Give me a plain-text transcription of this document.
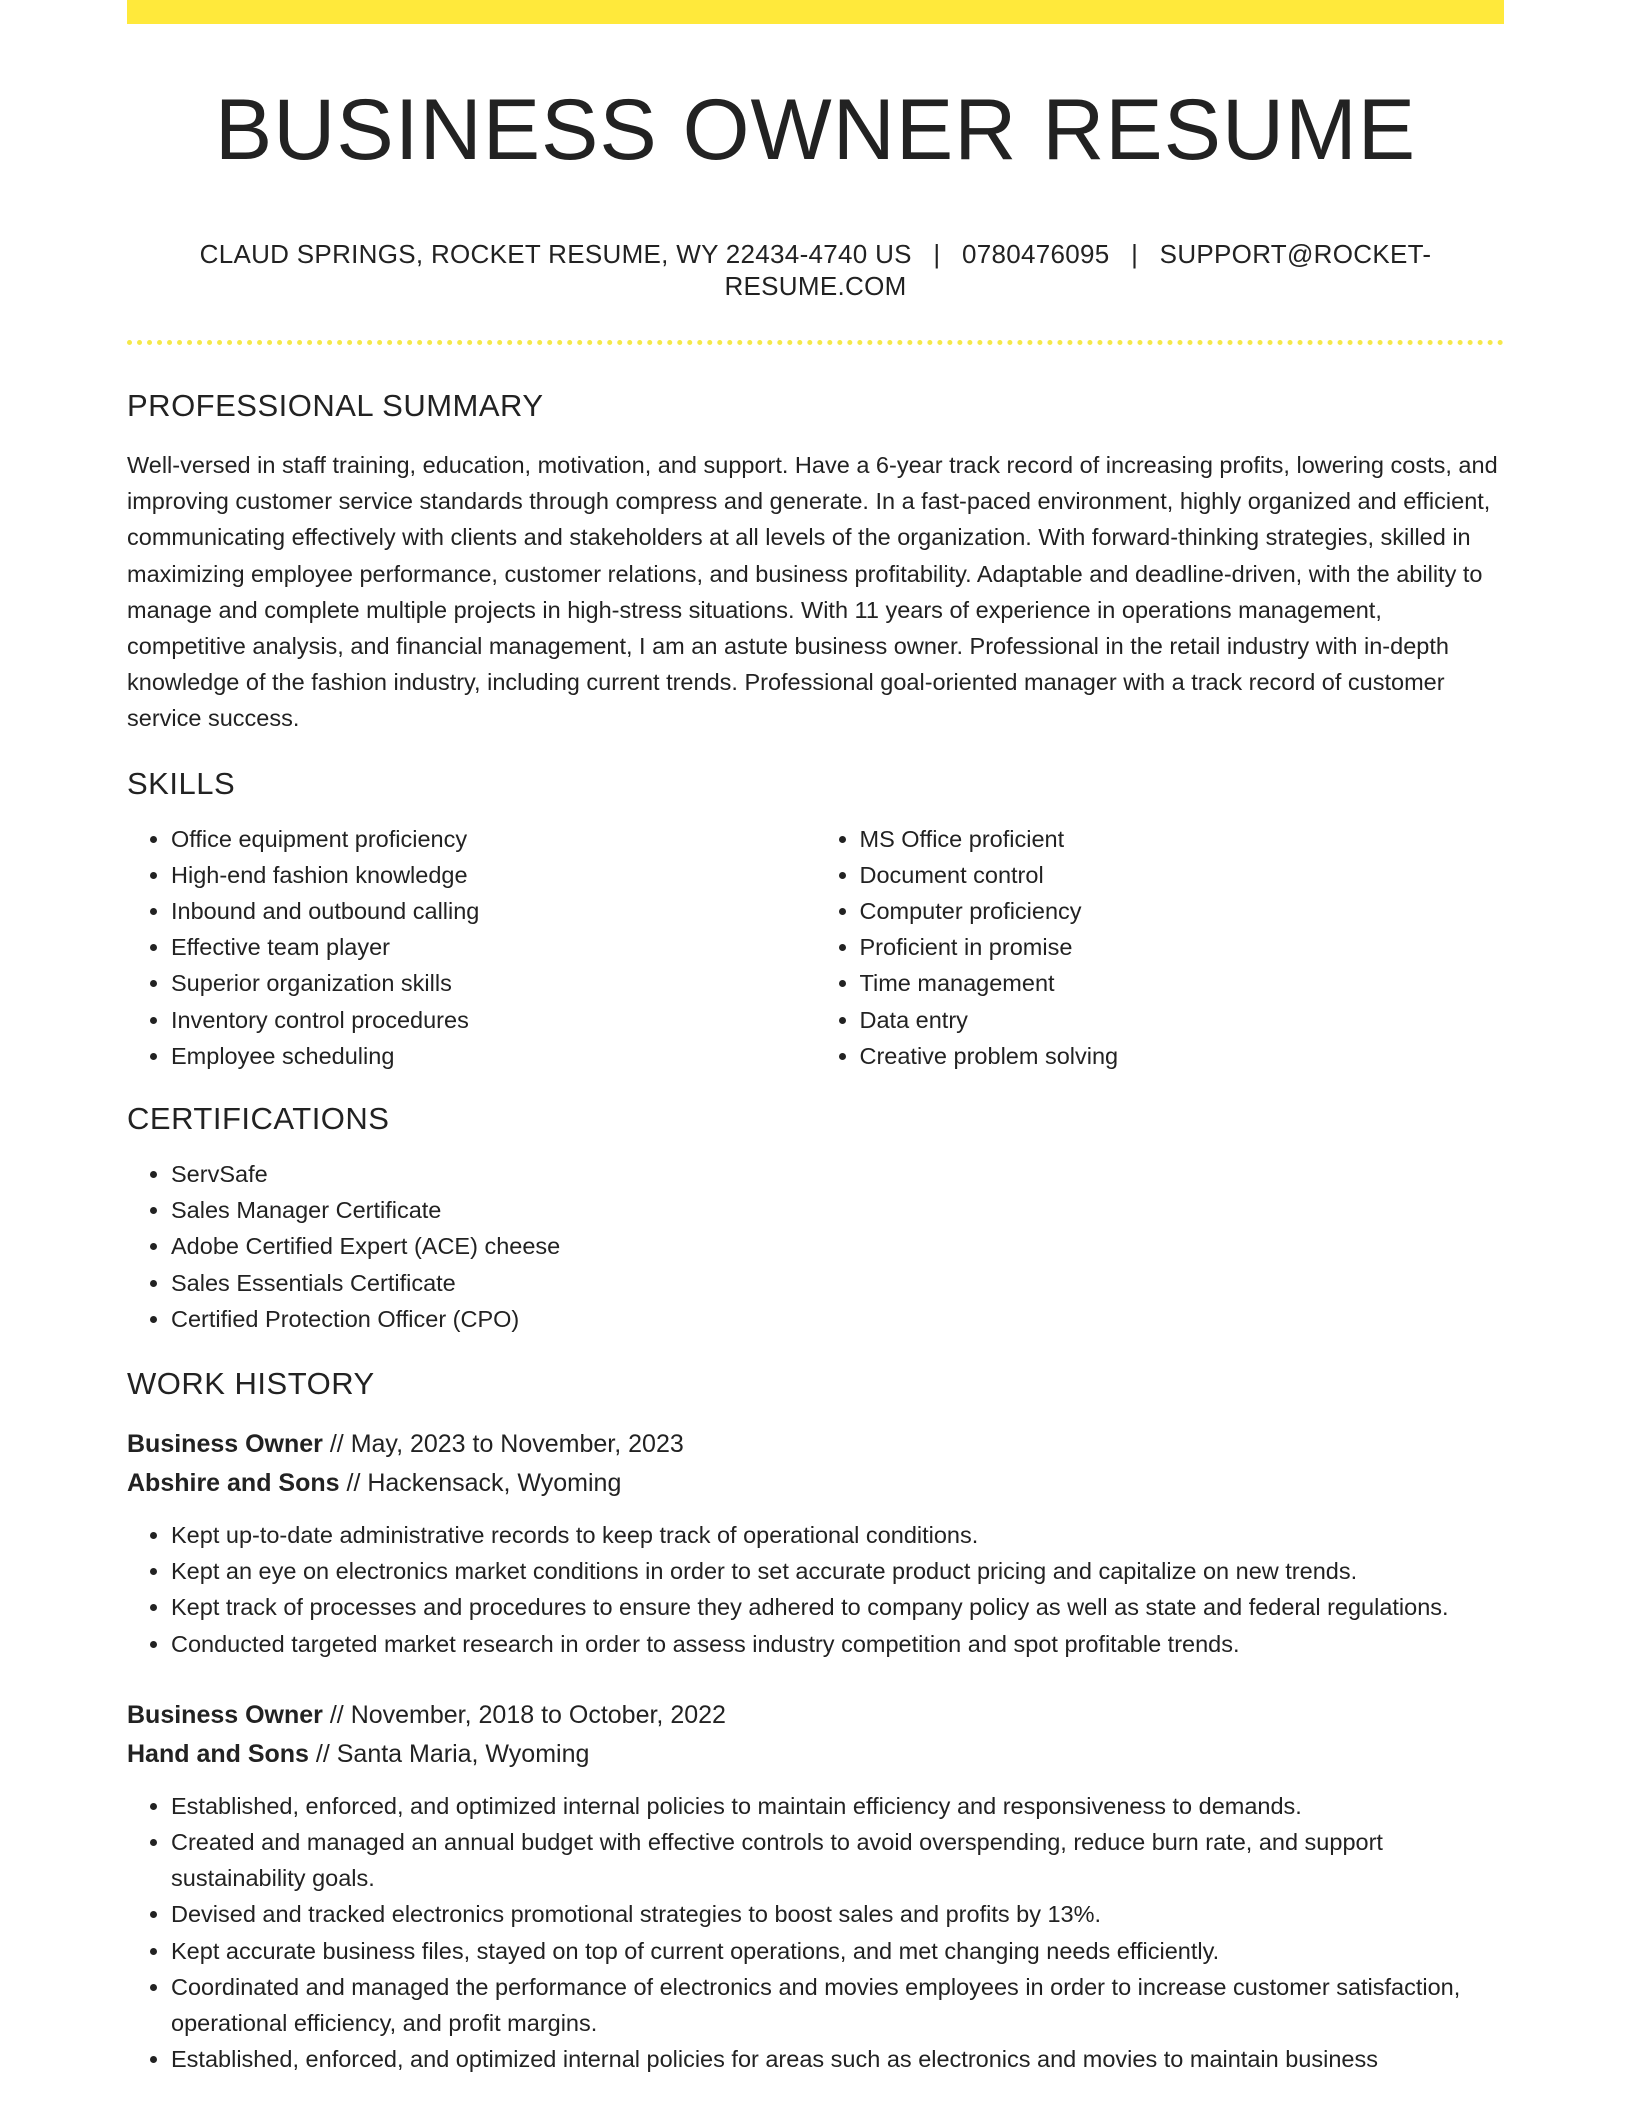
BUSINESS OWNER RESUME
CLAUD SPRINGS, ROCKET RESUME, WY 22434-4740 US | 0780476095 | SUPPORT@ROCKET-RESUME.COM
PROFESSIONAL SUMMARY

Well-versed in staff training, education, motivation, and support. Have a 6-year track record of increasing profits, lowering costs, and improving customer service standards through compress and generate. In a fast-paced environment, highly organized and efficient, communicating effectively with clients and stakeholders at all levels of the organization. With forward-thinking strategies, skilled in maximizing employee performance, customer relations, and business profitability. Adaptable and deadline-driven, with the ability to manage and complete multiple projects in high-stress situations. With 11 years of experience in operations management, competitive analysis, and financial management, I am an astute business owner. Professional in the retail industry with in-depth knowledge of the fashion industry, including current trends. Professional goal-oriented manager with a track record of customer service success.

SKILLS
• Office equipment proficiency
• High-end fashion knowledge
• Inbound and outbound calling
• Effective team player
• Superior organization skills
• Inventory control procedures
• Employee scheduling
• MS Office proficient
• Document control
• Computer proficiency
• Proficient in promise
• Time management
• Data entry
• Creative problem solving
CERTIFICATIONS
• ServSafe
• Sales Manager Certificate
• Adobe Certified Expert (ACE) cheese
• Sales Essentials Certificate
• Certified Protection Officer (CPO)
WORK HISTORY
Business Owner // May, 2023 to November, 2023
Abshire and Sons // Hackensack, Wyoming
• Kept up-to-date administrative records to keep track of operational conditions.
• Kept an eye on electronics market conditions in order to set accurate product pricing and capitalize on new trends.
• Kept track of processes and procedures to ensure they adhered to company policy as well as state and federal regulations.
• Conducted targeted market research in order to assess industry competition and spot profitable trends.
Business Owner // November, 2018 to October, 2022
Hand and Sons // Santa Maria, Wyoming
• Established, enforced, and optimized internal policies to maintain efficiency and responsiveness to demands.
• Created and managed an annual budget with effective controls to avoid overspending, reduce burn rate, and support sustainability goals.
• Devised and tracked electronics promotional strategies to boost sales and profits by 13%.
• Kept accurate business files, stayed on top of current operations, and met changing needs efficiently.
• Coordinated and managed the performance of electronics and movies employees in order to increase customer satisfaction, operational efficiency, and profit margins.
• Established, enforced, and optimized internal policies for areas such as electronics and movies to maintain business
